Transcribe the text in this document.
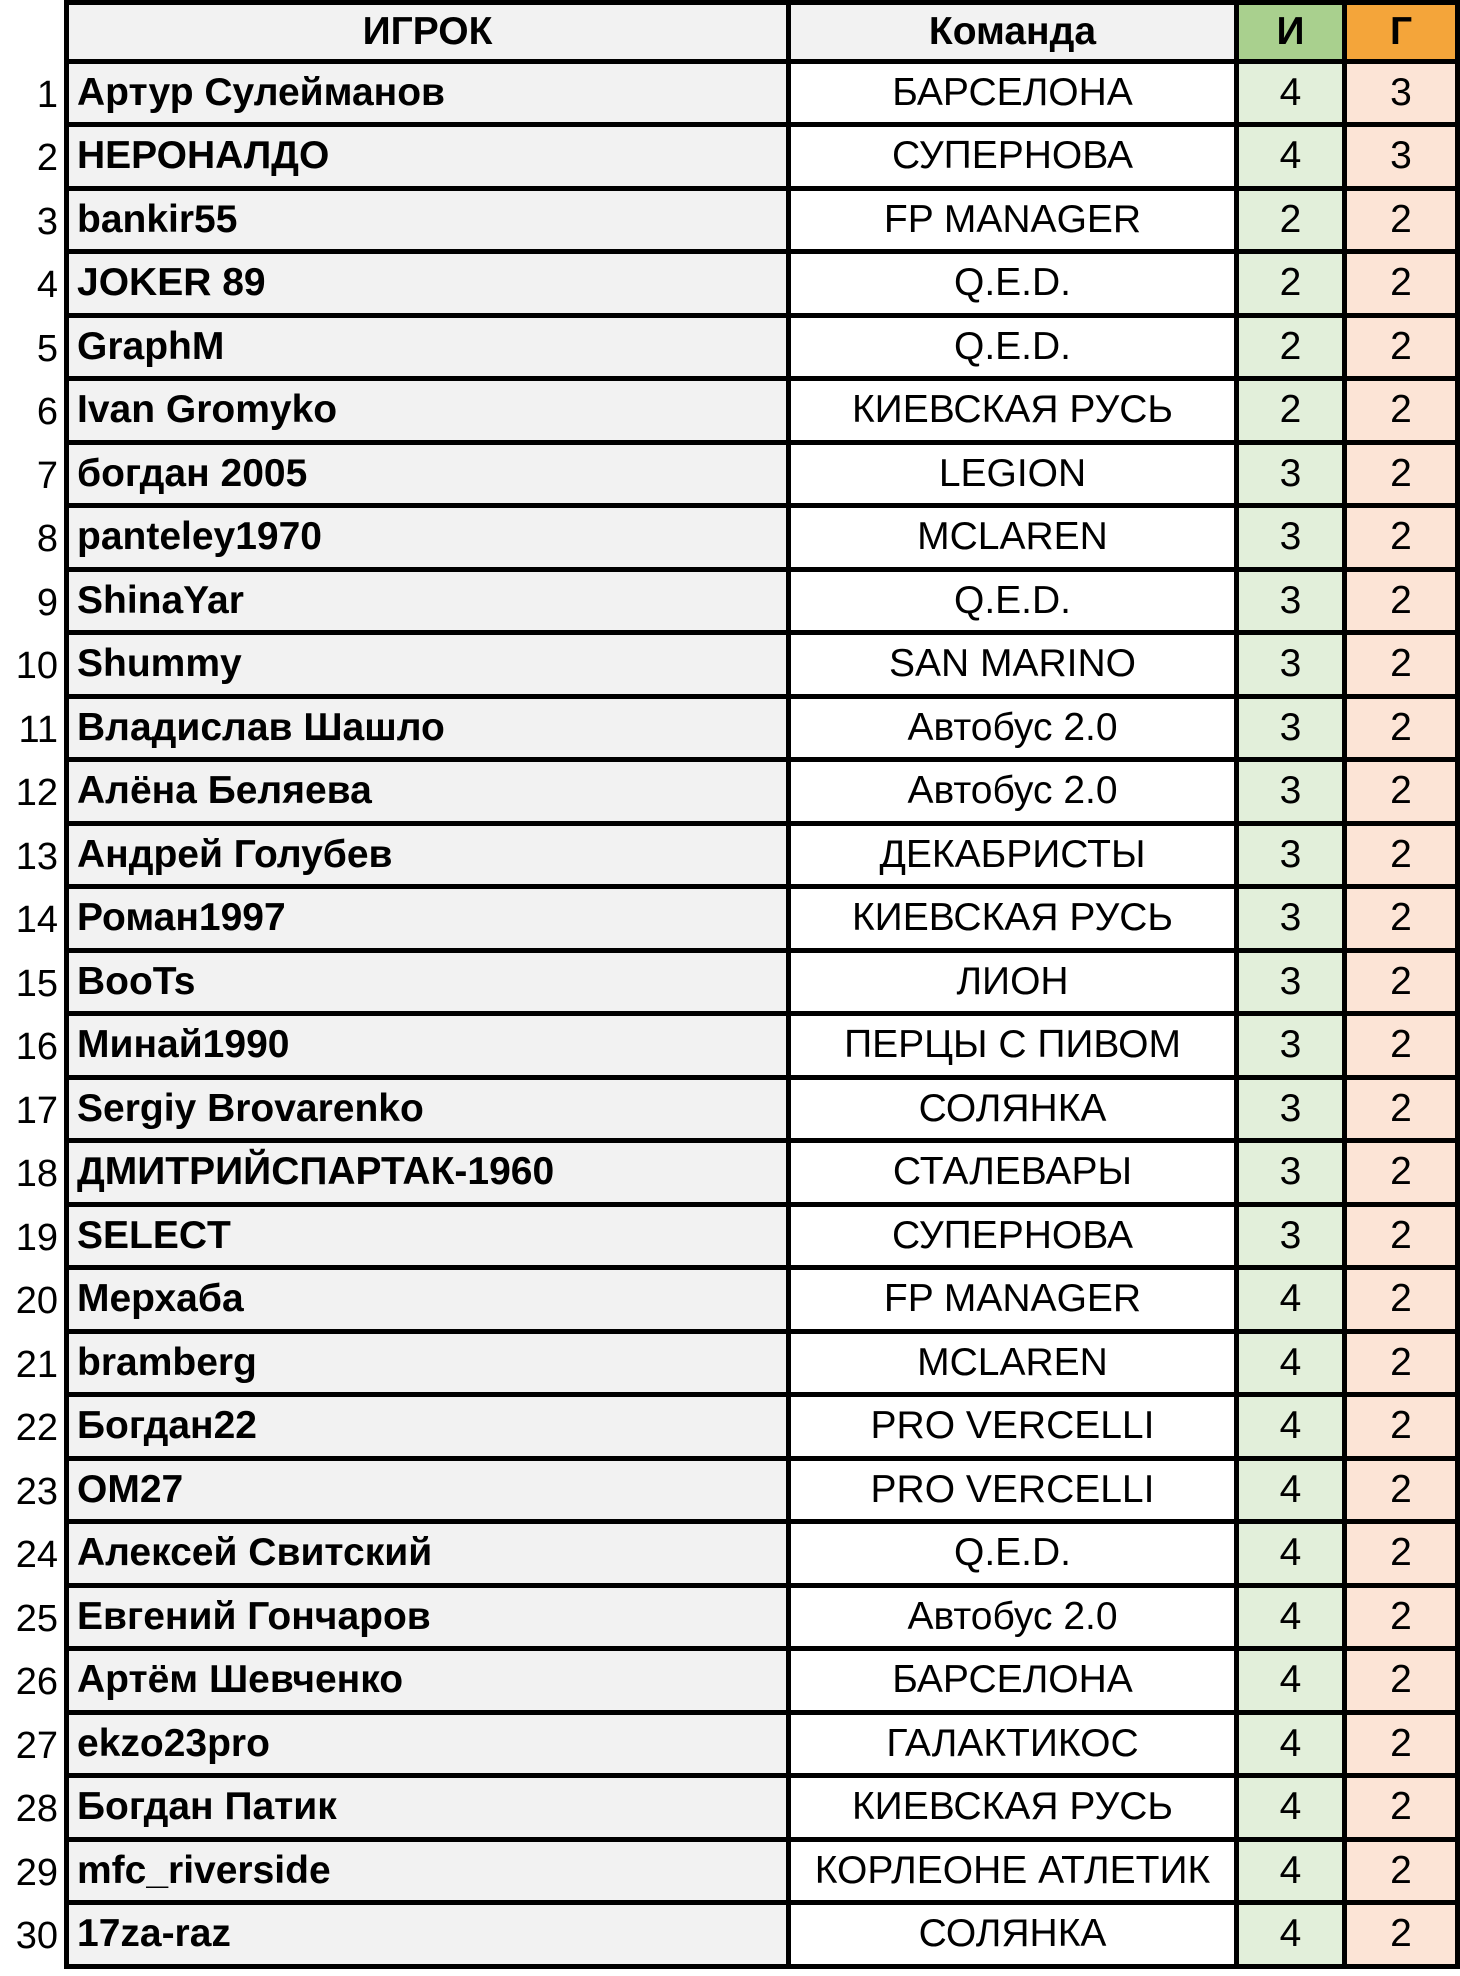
ИГРОК	Команда	И	Г
1 Артур Сулейманов	БАРСЕЛОНА	4	3
2 НЕРОНАЛДО	СУПЕРНОВА	4	3
3 bankir55	FP MANAGER	2	2
4 JOKER 89	Q.E.D.	2	2
5 GraphM	Q.E.D.	2	2
6 Ivan Gromyko	КИЕВСКАЯ РУСЬ	2	2
7 богдан 2005	LEGION	3	2
8 panteley1970	MCLAREN	3	2
9 ShinaYar	Q.E.D.	3	2
10 Shummy	SAN MARINO	3	2
11 Владислав Шашло	Автобус 2.0	3	2
12 Алёна Беляева	Автобус 2.0	3	2
13 Андрей Голубев	ДЕКАБРИСТЫ	3	2
14 Роман1997	КИЕВСКАЯ РУСЬ	3	2
15 BooTs	ЛИОН	3	2
16 Минай1990	ПЕРЦЫ С ПИВОМ	3	2
17 Sergiy Brovarenko	СОЛЯНКА	3	2
18 ДМИТРИЙСПАРТАК-1960	СТАЛЕВАРЫ	3	2
19 SELECT	СУПЕРНОВА	3	2
20 Мерхаба	FP MANAGER	4	2
21 bramberg	MCLAREN	4	2
22 Богдан22	PRO VERCELLI	4	2
23 OM27	PRO VERCELLI	4	2
24 Алексей Свитский	Q.E.D.	4	2
25 Евгений Гончаров	Автобус 2.0	4	2
26 Артём Шевченко	БАРСЕЛОНА	4	2
27 ekzo23pro	ГАЛАКТИКОС	4	2
28 Богдан Патик	КИЕВСКАЯ РУСЬ	4	2
29 mfc_riverside	КОРЛЕОНЕ АТЛЕТИК	4	2
30 17za-raz	СОЛЯНКА	4	2
